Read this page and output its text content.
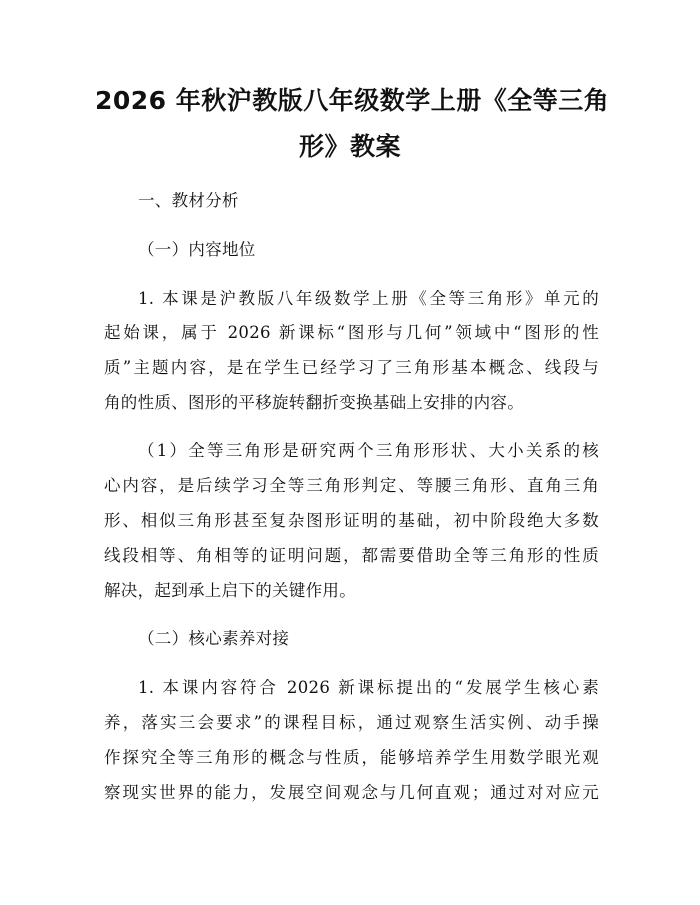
2026 年秋沪教版八年级数学上册《全等三角
形》教案
一、教材分析
（一）内容地位
1. 本课是沪教版八年级数学上册《全等三角形》单元的
起始课，属于 2026 新课标“图形与几何”领域中“图形的性
质”主题内容，是在学生已经学习了三角形基本概念、线段与
角的性质、图形的平移旋转翻折变换基础上安排的内容。
（1）全等三角形是研究两个三角形形状、大小关系的核
心内容，是后续学习全等三角形判定、等腰三角形、直角三角
形、相似三角形甚至复杂图形证明的基础，初中阶段绝大多数
线段相等、角相等的证明问题，都需要借助全等三角形的性质
解决，起到承上启下的关键作用。
（二）核心素养对接
1. 本课内容符合 2026 新课标提出的“发展学生核心素
养，落实三会要求”的课程目标，通过观察生活实例、动手操
作探究全等三角形的概念与性质，能够培养学生用数学眼光观
察现实世界的能力，发展空间观念与几何直观；通过对对应元
